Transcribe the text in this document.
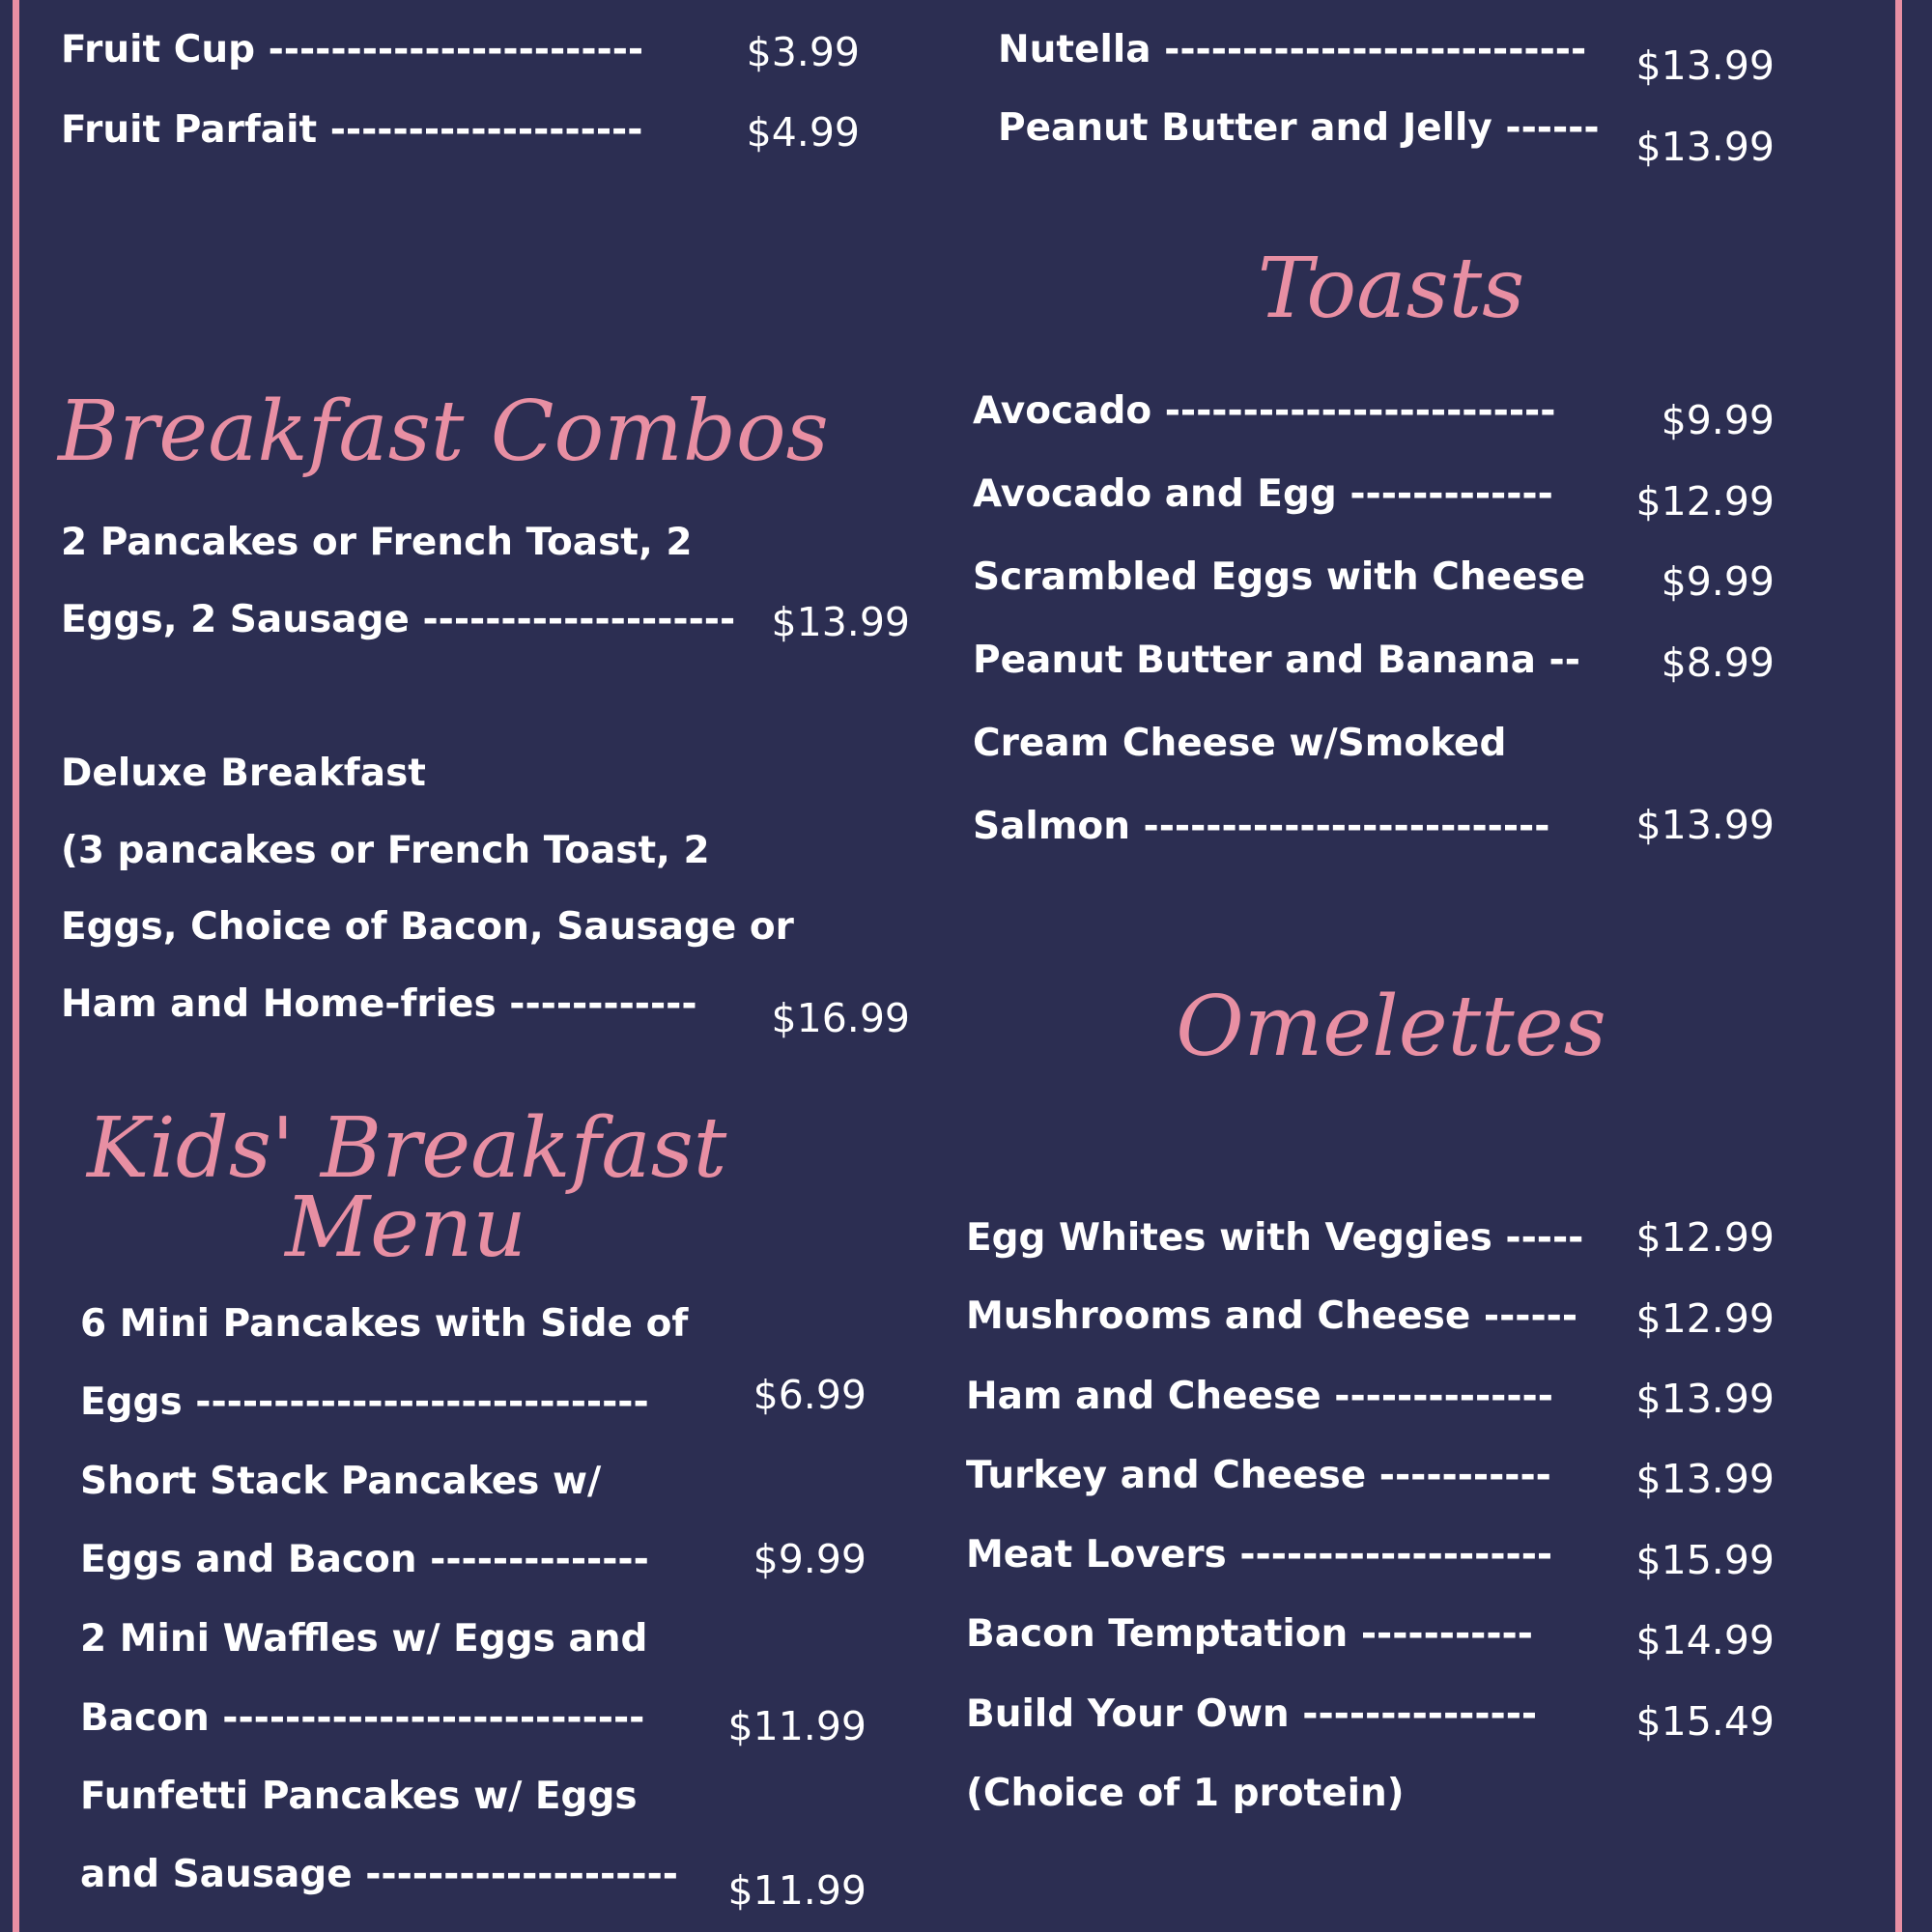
Fruit Cup ------------------------	$3.99
Fruit Parfait --------------------	$4.99
Nutella ---------------------------	$13.99
Peanut Butter and Jelly ------ $13.99
Breakfast Combos
2 Pancakes or French Toast, 2
Eggs, 2 Sausage -------------------- $13.99
Deluxe Breakfast
(3 pancakes or French Toast, 2
Eggs, Choice of Bacon, Sausage or
Ham and Home-fries ------------	$16.99
Kids' Breakfast
Menu
6 Mini Pancakes with Side of
Eggs -----------------------------	$6.99
Short Stack Pancakes w/
Eggs and Bacon --------------	$9.99
2 Mini Waffles w/ Eggs and
Bacon ---------------------------	$11.99
Funfetti Pancakes w/ Eggs
and Sausage --------------------	$11.99
Toasts
Avocado -------------------------	$9.99
Avocado and Egg -------------	$12.99
Scrambled Eggs with Cheese	$9.99
Peanut Butter and Banana --	$8.99
Cream Cheese w/Smoked
Salmon --------------------------	$13.99
Omelettes
Egg Whites with Veggies -----	$12.99
Mushrooms and Cheese ------	$12.99
Ham and Cheese --------------	$13.99
Turkey and Cheese -----------	$13.99
Meat Lovers --------------------	$15.99
Bacon Temptation -----------	$14.99
Build Your Own ---------------	$15.49
(Choice of 1 protein)
